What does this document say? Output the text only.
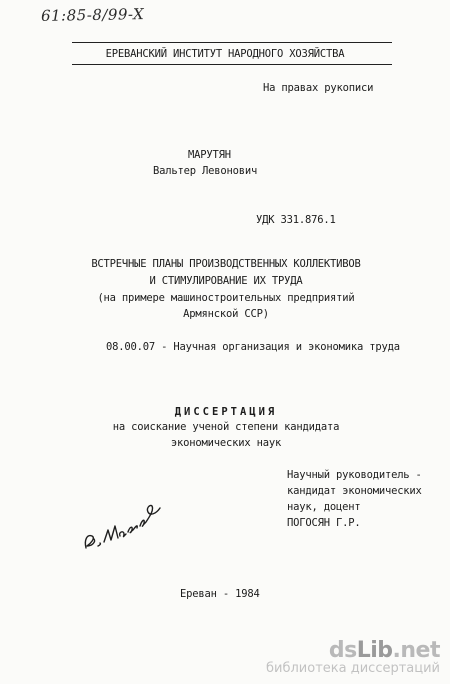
61:85-8/99-X
ЕРЕВАНСКИЙ ИНСТИТУТ НАРОДНОГО ХОЗЯЙСТВА
На правах рукописи
МАРУТЯН
Вальтер Левонович
УДК 331.876.1
ВСТРЕЧНЫЕ ПЛАНЫ ПРОИЗВОДСТВЕННЫХ КОЛЛЕКТИВОВ
И СТИМУЛИРОВАНИЕ ИХ ТРУДА
(на примере машиностроительных предприятий
Армянской ССР)
08.00.07 - Научная организация и экономика труда
ДИССЕРТАЦИЯ
на соискание ученой степени кандидата
экономических наук
Научный руководитель -
кандидат экономических
наук, доцент
ПОГОСЯН Г.Р.
Ереван - 1984
dsLib.net
библиотека диссертаций
